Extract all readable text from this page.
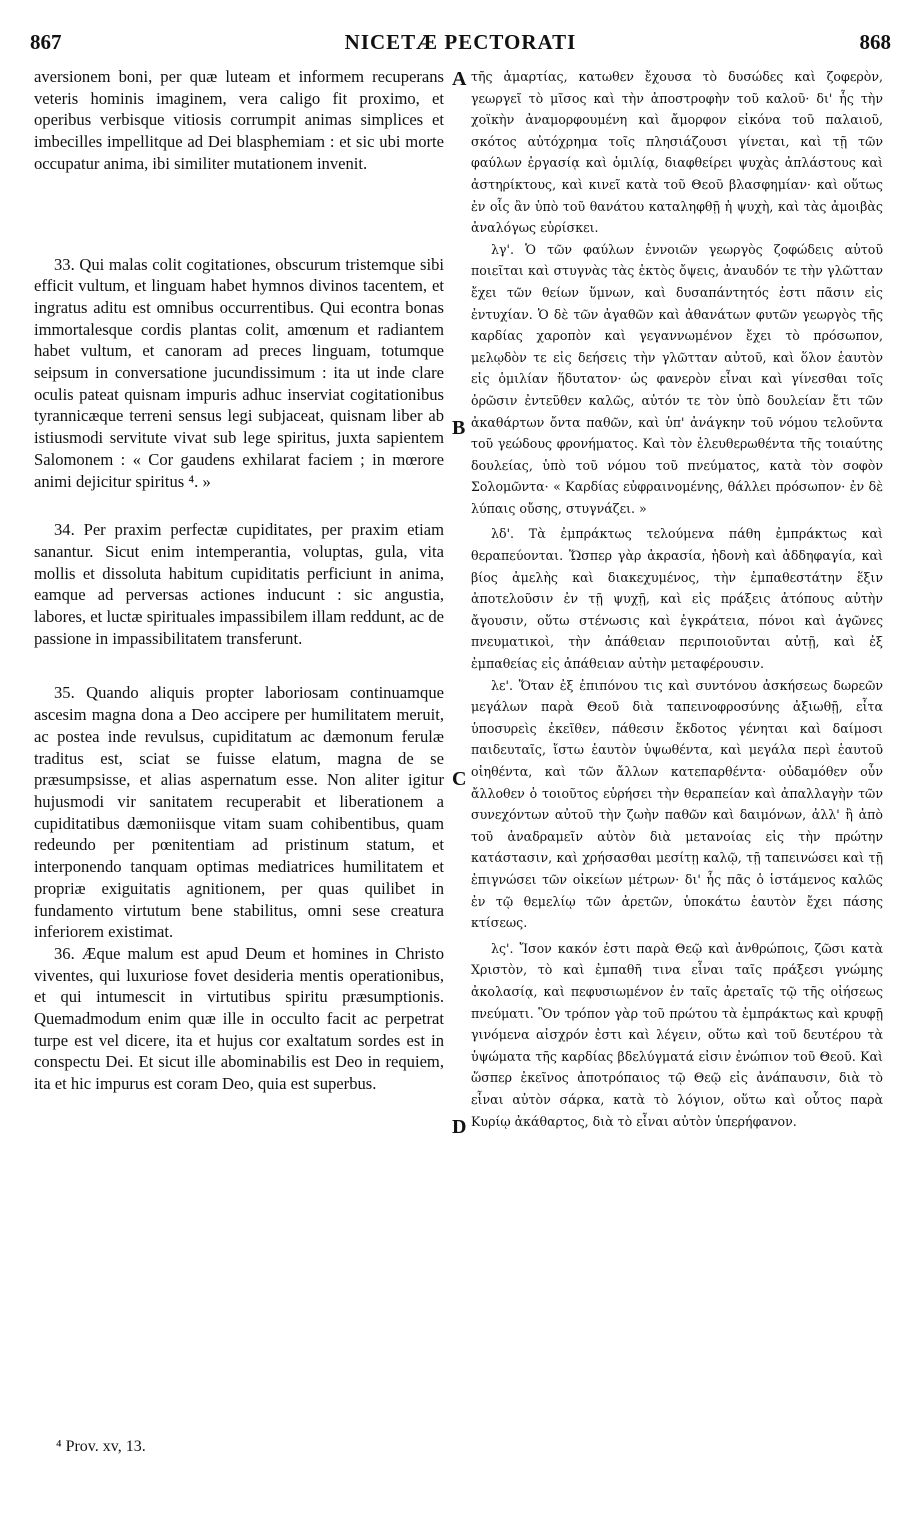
867	NICETÆ PECTORATI	868

aversionem boni, per quæ luteam et informem recuperans veteris hominis imaginem, vera caligo fit proximo, et operibus verbisque vitiosis corrumpit animas simplices et imbecilles impellitque ad Dei blasphemiam : et sic ubi morte occupatur anima, ibi similiter mutationem invenit.

33. Qui malas colit cogitationes, obscurum tristemque sibi efficit vultum, et linguam habet hymnos divinos tacentem, et ingratus aditu est omnibus occurrentibus. Qui econtra bonas immortalesque cordis plantas colit, amœnum et radiantem habet vultum, et canoram ad preces linguam, totumque seipsum in conversatione jucundissimum : ita ut inde clare oculis pateat quisnam impuris adhuc inserviat cogitationibus tyrannicæque terreni sensus legi subjaceat, quisnam liber ab istiusmodi servitute vivat sub lege spiritus, juxta sapientem Salomonem : « Cor gaudens exhilarat faciem ; in mœrore animi dejicitur spiritus ⁴. »

34. Per praxim perfectæ cupiditates, per praxim etiam sanantur. Sicut enim intemperantia, voluptas, gula, vita mollis et dissoluta habitum cupiditatis perficiunt in anima, eamque ad perversas actiones inducunt : sic angustia, labores, et luctæ spirituales impassibilem illam reddunt, ac de passione in impassibilitatem transferunt.

35. Quando aliquis propter laboriosam continuamque ascesim magna dona a Deo accipere per humilitatem meruit, ac postea inde revulsus, cupiditatum ac dæmonum ferulæ traditus est, sciat se fuisse elatum, magna de se præsumpsisse, et alias aspernatum esse. Non aliter igitur hujusmodi vir sanitatem recuperabit et liberationem a cupiditatibus dæmoniisque vitam suam cohibentibus, quam redeundo per pœnitentiam ad pristinum statum, et interponendo tanquam optimas mediatrices humilitatem et propriæ exiguitatis agnitionem, per quas quilibet in fundamento virtutum bene stabilitus, omni sese creatura inferiorem existimat.

36. Æque malum est apud Deum et homines in Christo viventes, qui luxuriose fovet desideria mentis operationibus, et qui intumescit in virtutibus spiritu præsumptionis. Quemadmodum enim quæ ille in occulto facit ac perpetrat turpe est vel dicere, ita et hujus cor exaltatum sordes est in conspectu Dei. Et sicut ille abominabilis est Deo in requiem, ita et hic impurus est coram Deo, quia est superbus.

τῆς ἁμαρτίας, κατωθεν ἔχουσα τὸ δυσώδες καὶ ζοφερὸν, γεωργεῖ τὸ μῖσος καὶ τὴν ἀποστροφὴν τοῦ καλοῦ· δι' ἧς τὴν χοϊκὴν ἀναμορφουμένη καὶ ἄμορφον εἰκόνα τοῦ παλαιοῦ, σκότος αὐτόχρημα τοῖς πλησιάζουσι γίνεται, καὶ τῇ τῶν φαύλων ἐργασίᾳ καὶ ὁμιλίᾳ, διαφθείρει ψυχὰς ἀπλάστους καὶ ἀστηρίκτους, καὶ κινεῖ κατὰ τοῦ Θεοῦ βλασφημίαν· καὶ οὕτως ἐν οἷς ἂν ὑπὸ τοῦ θανάτου καταληφθῇ ἡ ψυχὴ, καὶ τὰς ἀμοιβὰς ἀναλόγως εὑρίσκει.

λγ'. Ὁ τῶν φαύλων ἐννοιῶν γεωργὸς ζοφώδεις αὑτοῦ ποιεῖται καὶ στυγνὰς τὰς ἐκτὸς ὄψεις, ἀναυδόν τε τὴν γλῶτταν ἔχει τῶν θείων ὕμνων, καὶ δυσαπάντητός ἐστι πᾶσιν εἰς ἐντυχίαν. Ὁ δὲ τῶν ἀγαθῶν καὶ ἀθανάτων φυτῶν γεωργὸς τῆς καρδίας χαροπὸν καὶ γεγαννωμένον ἔχει τὸ πρόσωπον, μελῳδὸν τε εἰς δεήσεις τὴν γλῶτταν αὐτοῦ, καὶ ὅλον ἑαυτὸν εἰς ὁμιλίαν ἥδυτατον· ὡς φανερὸν εἶναι καὶ γίνεσθαι τοῖς ὁρῶσιν ἐντεῦθεν καλῶς, αὐτόν τε τὸν ὑπὸ δουλείαν ἔτι τῶν ἀκαθάρτων ὄντα παθῶν, καὶ ὑπ' ἀνάγκην τοῦ νόμου τελοῦντα τοῦ γεώδους φρονήματος. Καὶ τὸν ἐλευθερωθέντα τῆς τοιαύτης δουλείας, ὑπὸ τοῦ νόμου τοῦ πνεύματος, κατὰ τὸν σοφὸν Σολομῶντα· « Καρδίας εὐφραινομένης, θάλλει πρόσωπον· ἐν δὲ λύπαις οὔσης, στυγνάζει. »

λδ'. Τὰ ἐμπράκτως τελούμενα πάθη ἐμπράκτως καὶ θεραπεύονται. Ὥσπερ γὰρ ἀκρασία, ἡδονὴ καὶ ἀδδηφαγία, καὶ βίος ἀμελὴς καὶ διακεχυμένος, τὴν ἐμπαθεστάτην ἕξιν ἀποτελοῦσιν ἐν τῇ ψυχῇ, καὶ εἰς πράξεις ἀτόπους αὐτὴν ἄγουσιν, οὕτω στένωσις καὶ ἐγκράτεια, πόνοι καὶ ἀγῶνες πνευματικοὶ, τὴν ἀπάθειαν περιποιοῦνται αὐτῇ, καὶ ἐξ ἐμπαθείας εἰς ἀπάθειαν αὐτὴν μεταφέρουσιν.

λε'. Ὅταν ἐξ ἐπιπόνου τις καὶ συντόνου ἀσκήσεως δωρεῶν μεγάλων παρὰ Θεοῦ διὰ ταπεινοφροσύνης ἀξιωθῇ, εἶτα ὑποσυρεὶς ἐκεῖθεν, πάθεσιν ἔκδοτος γένηται καὶ δαίμοσι παιδευταῖς, ἴστω ἑαυτὸν ὑψωθέντα, καὶ μεγάλα περὶ ἑαυτοῦ οἰηθέντα, καὶ τῶν ἄλλων κατεπαρθέντα· οὐδαμόθεν οὖν ἄλλοθεν ὁ τοιοῦτος εὑρήσει τὴν θεραπείαν καὶ ἀπαλλαγὴν τῶν συνεχόντων αὐτοῦ τὴν ζωὴν παθῶν καὶ δαιμόνων, ἀλλ' ἢ ἀπὸ τοῦ ἀναδραμεῖν αὐτὸν διὰ μετανοίας εἰς τὴν πρώτην κατάστασιν, καὶ χρήσασθαι μεσίτῃ καλῷ, τῇ ταπεινώσει καὶ τῇ ἐπιγνώσει τῶν οἰκείων μέτρων· δι' ἧς πᾶς ὁ ἱστάμενος καλῶς ἐν τῷ θεμελίῳ τῶν ἀρετῶν, ὑποκάτω ἑαυτὸν ἔχει πάσης κτίσεως.

λς'. Ἴσον κακόν ἐστι παρὰ Θεῷ καὶ ἀνθρώποις, ζῶσι κατὰ Χριστὸν, τὸ καὶ ἐμπαθῆ τινα εἶναι ταῖς πράξεσι γνώμης ἀκολασίᾳ, καὶ πεφυσιωμένον ἐν ταῖς ἀρεταῖς τῷ τῆς οἰήσεως πνεύματι. Ὃν τρόπον γὰρ τοῦ πρώτου τὰ ἐμπράκτως καὶ κρυφῇ γινόμενα αἰσχρόν ἐστι καὶ λέγειν, οὕτω καὶ τοῦ δευτέρου τὰ ὑψώματα τῆς καρδίας βδελύγματά εἰσιν ἐνώπιον τοῦ Θεοῦ. Καὶ ὥσπερ ἐκεῖνος ἀποτρόπαιος τῷ Θεῷ εἰς ἀνάπαυσιν, διὰ τὸ εἶναι αὐτὸν σάρκα, κατὰ τὸ λόγιον, οὕτω καὶ οὗτος παρὰ Κυρίῳ ἀκάθαρτος, διὰ τὸ εἶναι αὐτὸν ὑπερήφανον.

A
B
C
D
⁴ Prov. xv, 13.
